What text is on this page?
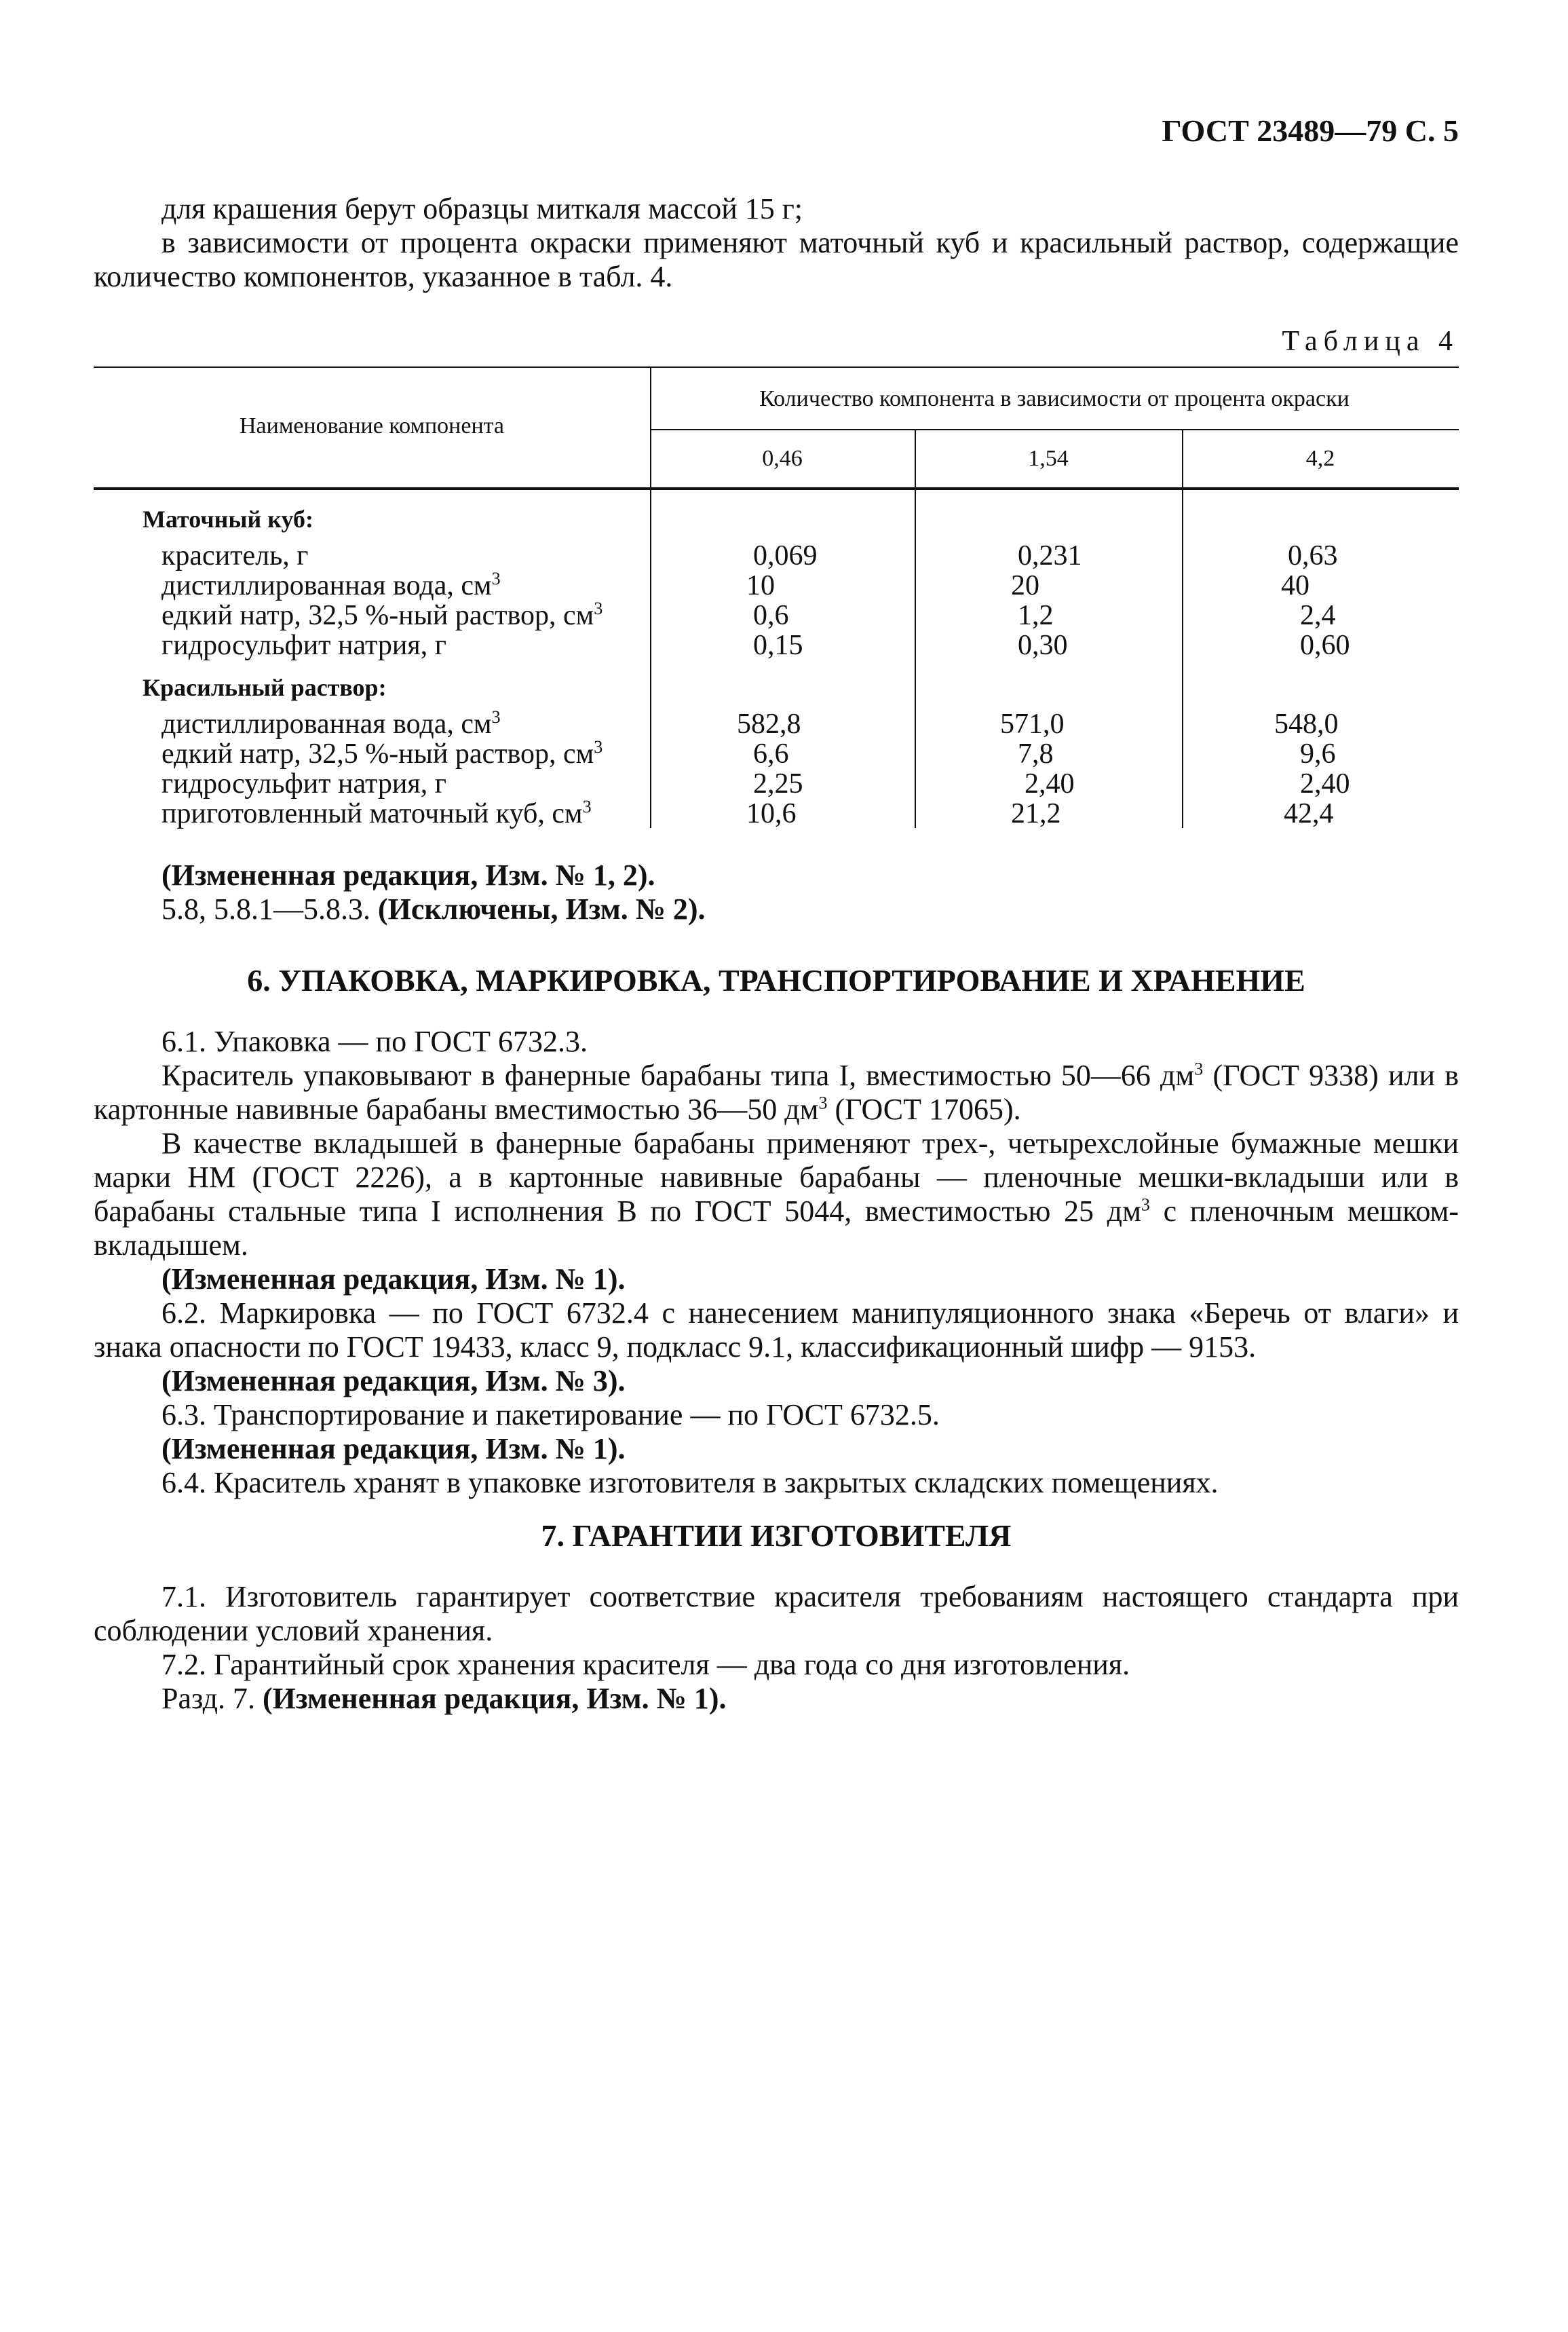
ГОСТ 23489—79 С. 5

для крашения берут образцы миткаля массой 15 г;

в зависимости от процента окраски применяют маточный куб и красильный раствор, содержащие количество компонентов, указанное в табл. 4.

Таблица 4
Наименование компонента
Количество компонента в зависимости от процента окраски
0,46	1,54	4,2
Маточный куб:
краситель, г	0,069	0,231	0,63
дистиллированная вода, $см^3$	10	20	40
едкий натр, 32,5 %-ный раствор, $см^3$	0,6	1,2	2,4
гидросульфит натрия, г	0,15	0,30	0,60
Красильный раствор:
дистиллированная вода, $см^3$	582,8	571,0	548,0
едкий натр, 32,5 %-ный раствор, $см^3$	6,6	7,8	9,6
гидросульфит натрия, г	2,25	2,40	2,40
приготовленный маточный куб, $см^3$	10,6	21,2	42,4

(Измененная редакция, Изм. № 1, 2).

5.8, 5.8.1—5.8.3. (Исключены, Изм. № 2).

6. УПАКОВКА, МАРКИРОВКА, ТРАНСПОРТИРОВАНИЕ И ХРАНЕНИЕ

6.1. Упаковка — по ГОСТ 6732.3.

Краситель упаковывают в фанерные барабаны типа I, вместимостью 50—66 $дм^3$ (ГОСТ 9338) или в картонные навивные барабаны вместимостью 36—50 $дм^3$ (ГОСТ 17065).

В качестве вкладышей в фанерные барабаны применяют трех-, четырехслойные бумажные мешки марки НМ (ГОСТ 2226), а в картонные навивные барабаны — пленочные мешки-вкладыши или в барабаны стальные типа I исполнения В по ГОСТ 5044, вместимостью 25 $дм^3$ с пленочным мешком-вкладышем.

(Измененная редакция, Изм. № 1).

6.2. Маркировка — по ГОСТ 6732.4 с нанесением манипуляционного знака «Беречь от влаги» и знака опасности по ГОСТ 19433, класс 9, подкласс 9.1, классификационный шифр — 9153.

(Измененная редакция, Изм. № 3).

6.3. Транспортирование и пакетирование — по ГОСТ 6732.5.

(Измененная редакция, Изм. № 1).

6.4. Краситель хранят в упаковке изготовителя в закрытых складских помещениях.

7. ГАРАНТИИ ИЗГОТОВИТЕЛЯ

7.1. Изготовитель гарантирует соответствие красителя требованиям настоящего стандарта при соблюдении условий хранения.

7.2. Гарантийный срок хранения красителя — два года со дня изготовления.

Разд. 7. (Измененная редакция, Изм. № 1).
